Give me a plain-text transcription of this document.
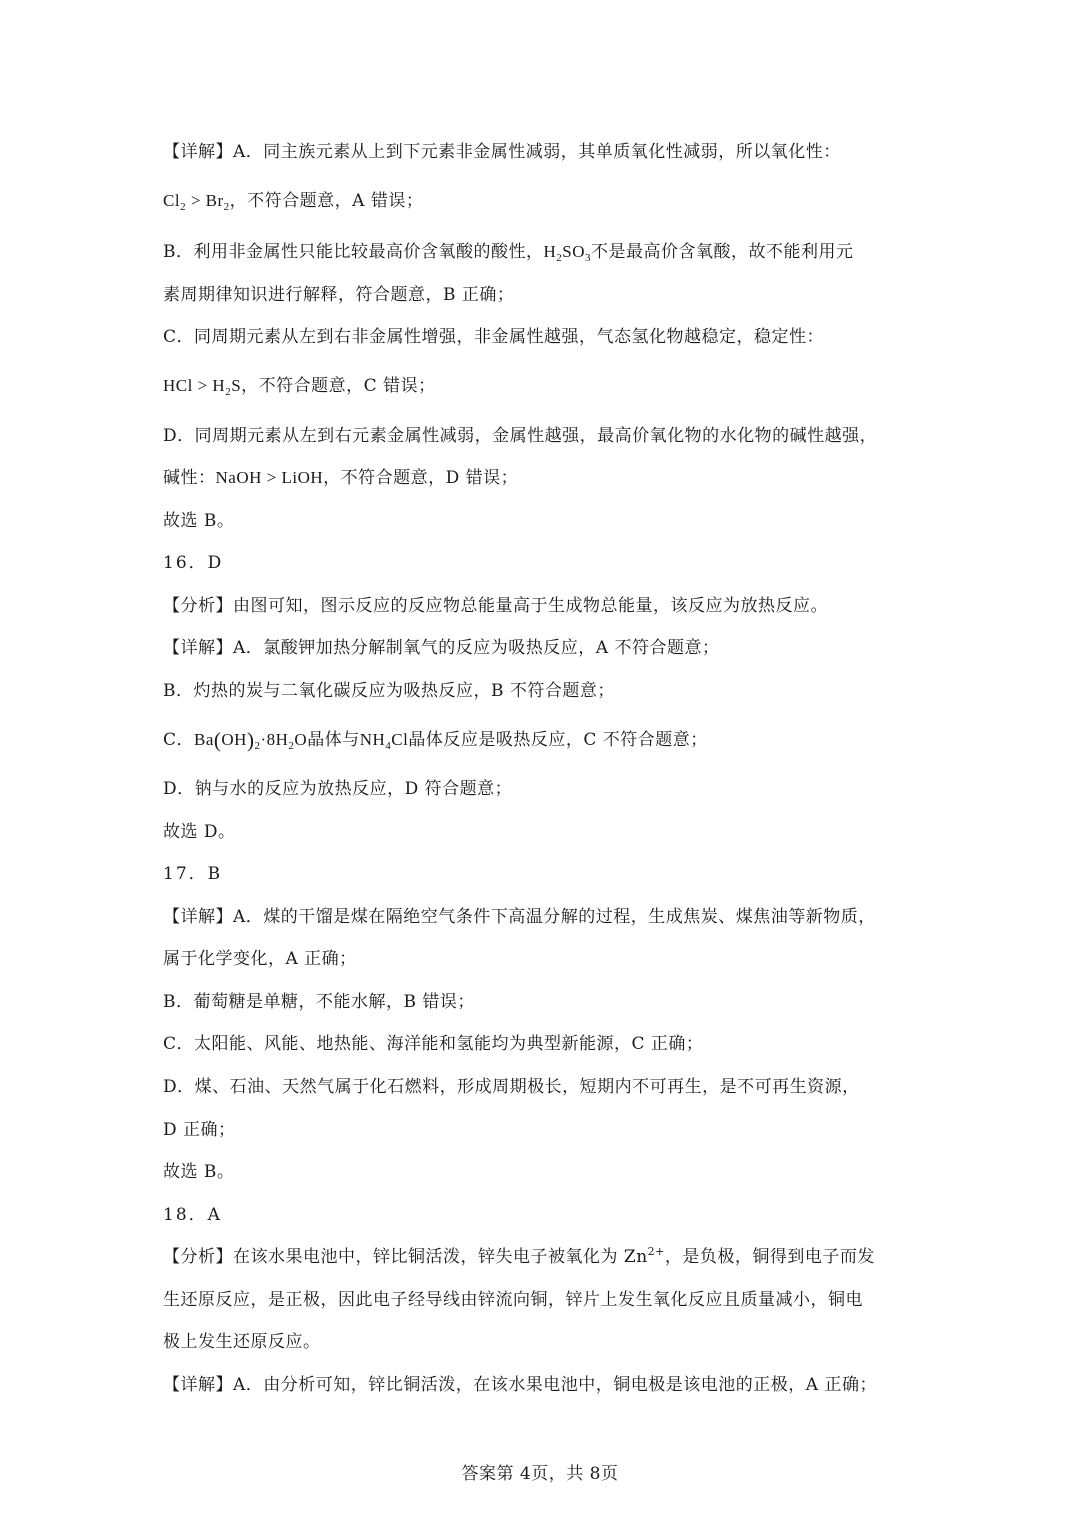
【详解】A．同主族元素从上到下元素非金属性减弱，其单质氧化性减弱，所以氧化性：
$Cl_2 > Br_2$，不符合题意，A 错误；
B．利用非金属性只能比较最高价含氧酸的酸性，$H_2SO_3$不是最高价含氧酸，故不能利用元
素周期律知识进行解释，符合题意，B 正确；
C．同周期元素从左到右非金属性增强，非金属性越强，气态氢化物越稳定，稳定性：
HCl > $H_2S$，不符合题意，C 错误；
D．同周期元素从左到右元素金属性减弱，金属性越强，最高价氧化物的水化物的碱性越强，
碱性：NaOH > LiOH，不符合题意，D 错误；
故选 B。
16．D
【分析】由图可知，图示反应的反应物总能量高于生成物总能量，该反应为放热反应。
【详解】A．氯酸钾加热分解制氧气的反应为吸热反应，A 不符合题意；
B．灼热的炭与二氧化碳反应为吸热反应，B 不符合题意；
C．$Ba(OH)_2\cdot 8H_2O$晶体与$NH_4Cl$晶体反应是吸热反应，C 不符合题意；
D．钠与水的反应为放热反应，D 符合题意；
故选 D。
17．B
【详解】A．煤的干馏是煤在隔绝空气条件下高温分解的过程，生成焦炭、煤焦油等新物质，
属于化学变化，A 正确；
B．葡萄糖是单糖，不能水解，B 错误；
C．太阳能、风能、地热能、海洋能和氢能均为典型新能源，C 正确；
D．煤、石油、天然气属于化石燃料，形成周期极长，短期内不可再生，是不可再生资源，
D 正确；
故选 B。
18．A
【分析】在该水果电池中，锌比铜活泼，锌失电子被氧化为 $Zn^{2+}$，是负极，铜得到电子而发
生还原反应，是正极，因此电子经导线由锌流向铜，锌片上发生氧化反应且质量减小，铜电
极上发生还原反应。
【详解】A．由分析可知，锌比铜活泼，在该水果电池中，铜电极是该电池的正极，A 正确；
答案第 4页，共 8页
